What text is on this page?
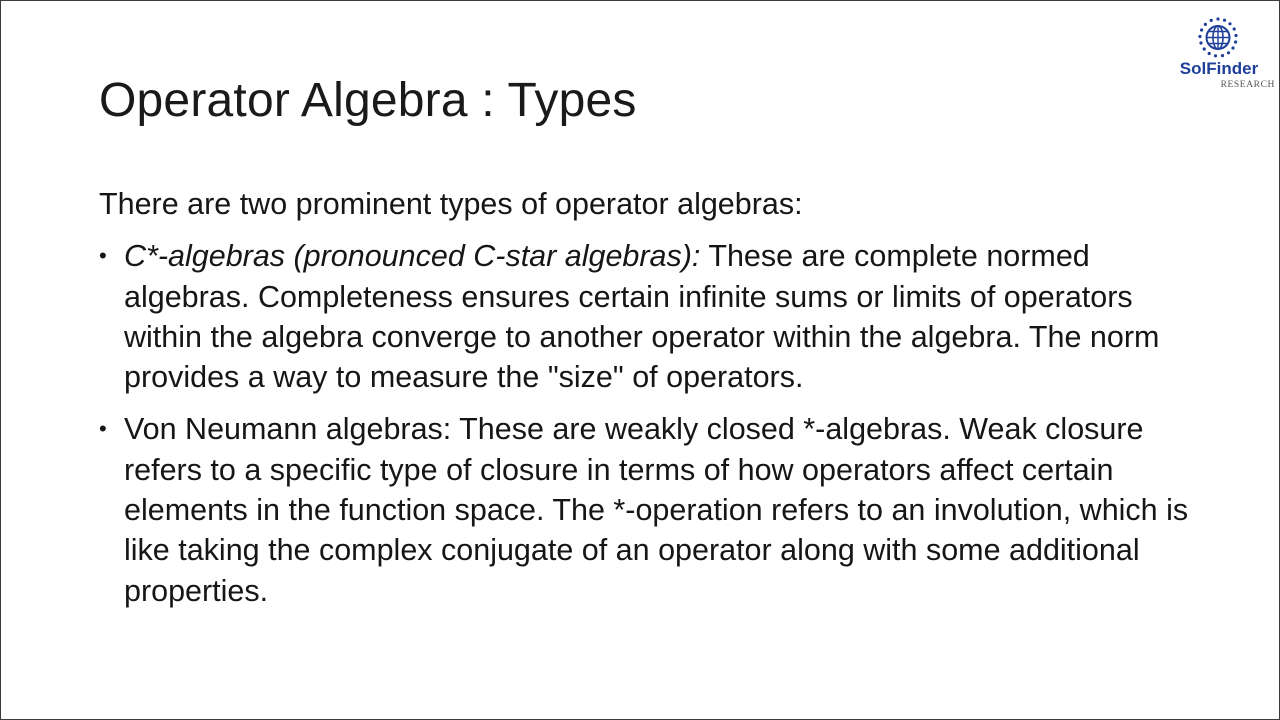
SolFinder
RESEARCH
Operator Algebra : Types

There are two prominent types of operator algebras:

• C*-algebras (pronounced C-star algebras): These are complete normed algebras. Completeness ensures certain infinite sums or limits of operators within the algebra converge to another operator within the algebra. The norm provides a way to measure the "size" of operators.
• Von Neumann algebras: These are weakly closed *-algebras. Weak closure refers to a specific type of closure in terms of how operators affect certain elements in the function space. The *-operation refers to an involution, which is like taking the complex conjugate of an operator along with some additional properties.
